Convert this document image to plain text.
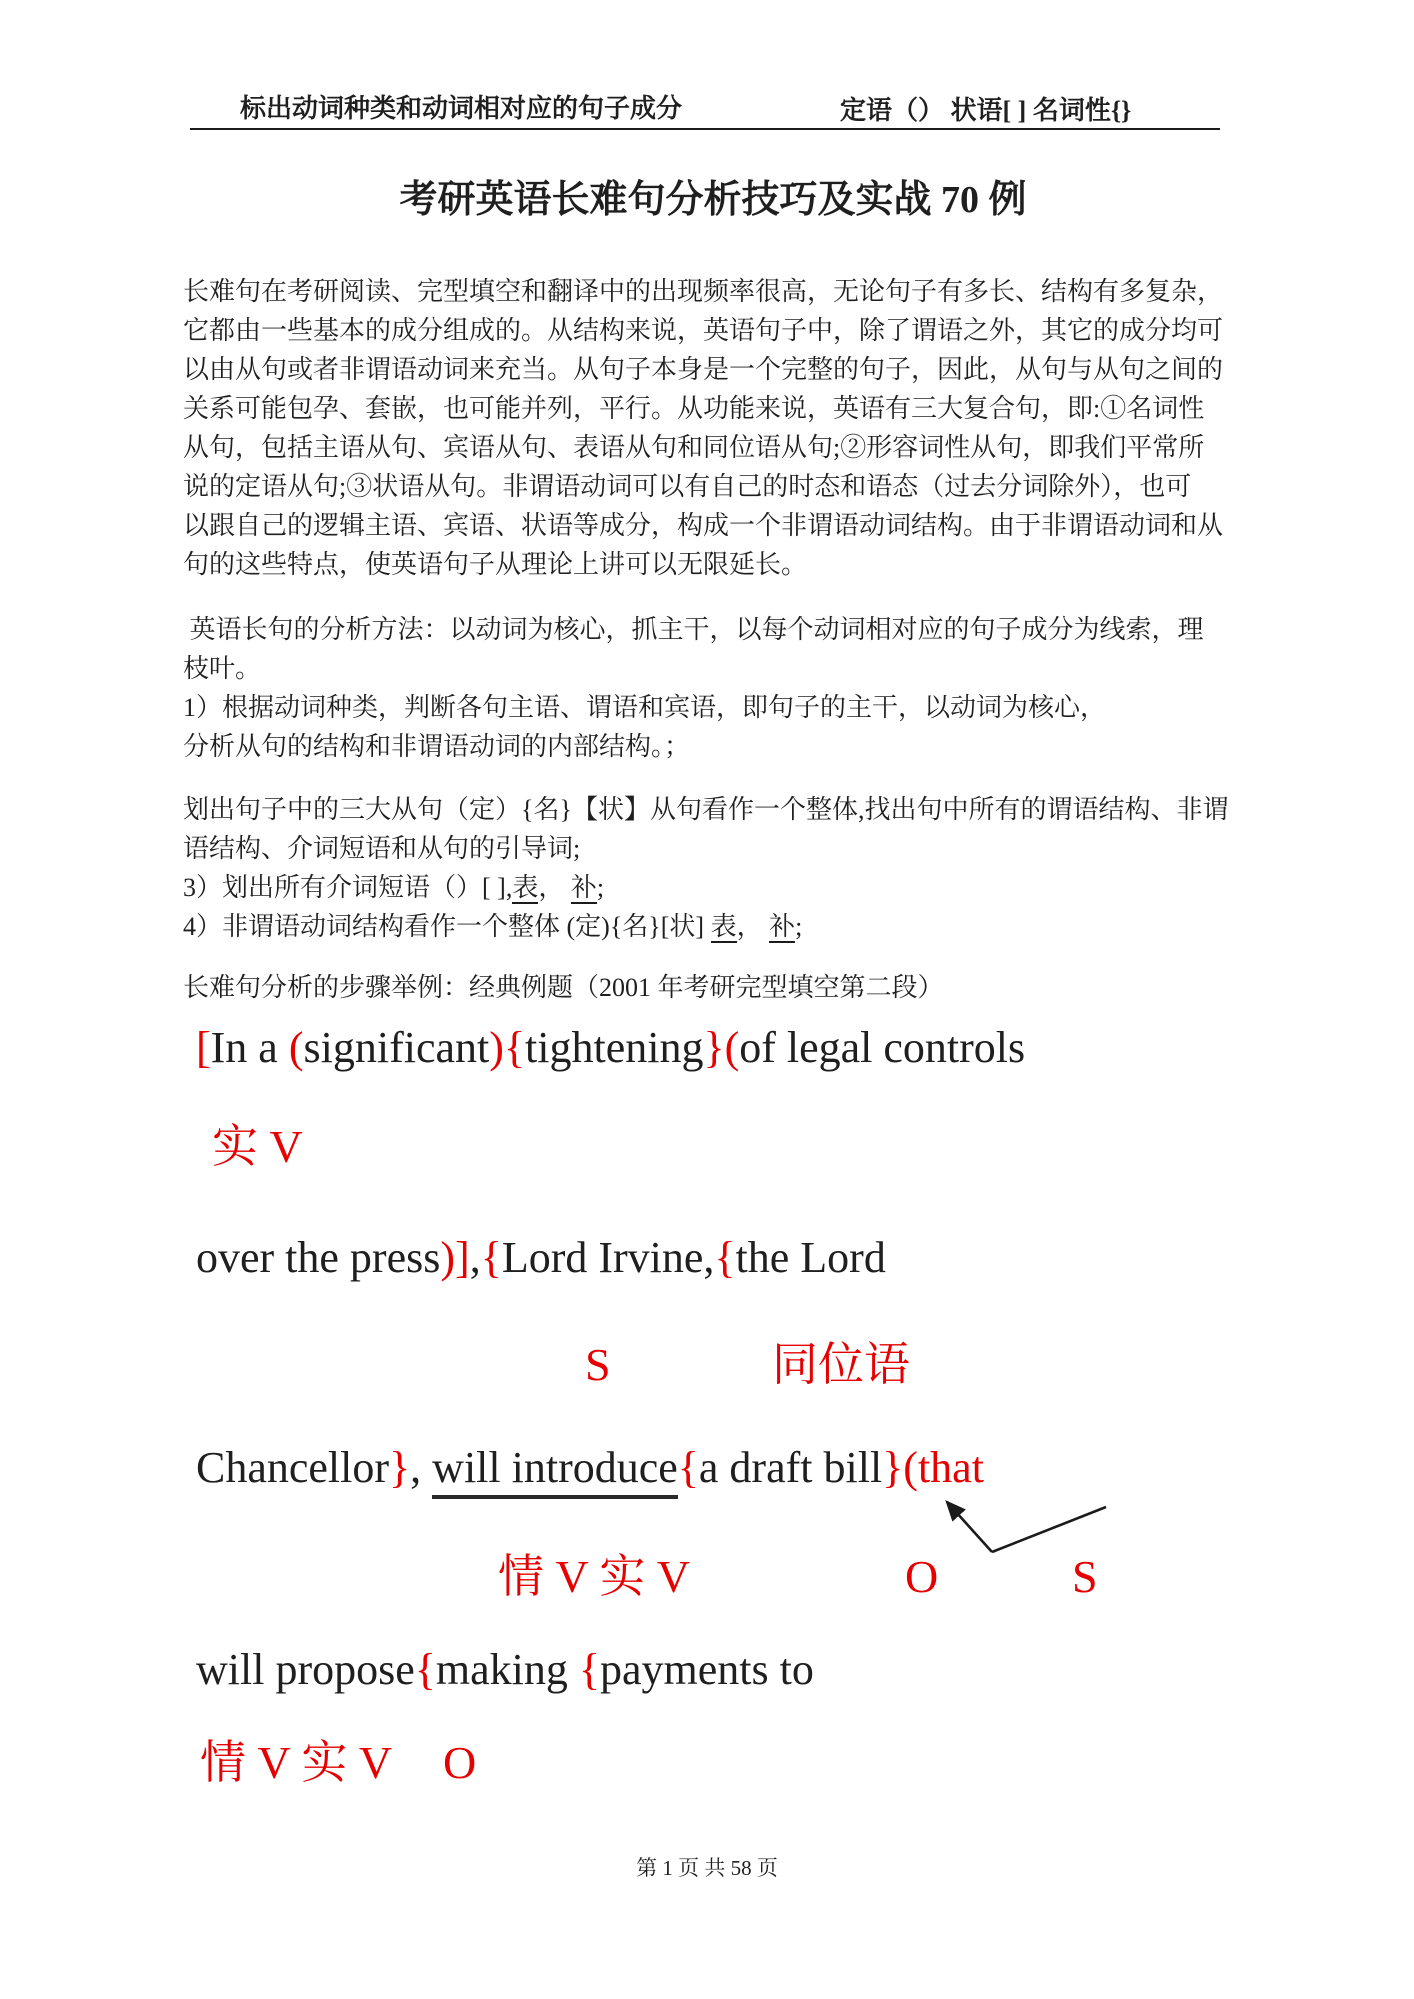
标出动词种类和动词相对应的句子成分	定语（） 状语[ ] 名词性{}
考研英语长难句分析技巧及实战 70 例
长难句在考研阅读、完型填空和翻译中的出现频率很高，无论句子有多长、结构有多复杂，
它都由一些基本的成分组成的。从结构来说，英语句子中，除了谓语之外，其它的成分均可
以由从句或者非谓语动词来充当。从句子本身是一个完整的句子，因此，从句与从句之间的
关系可能包孕、套嵌，也可能并列，平行。从功能来说，英语有三大复合句，即:①名词性
从句，包括主语从句、宾语从句、表语从句和同位语从句;②形容词性从句，即我们平常所
说的定语从句;③状语从句。非谓语动词可以有自己的时态和语态（过去分词除外），也可
以跟自己的逻辑主语、宾语、状语等成分，构成一个非谓语动词结构。由于非谓语动词和从
句的这些特点，使英语句子从理论上讲可以无限延长。
英语长句的分析方法：以动词为核心，抓主干，以每个动词相对应的句子成分为线索，理
枝叶。
1）根据动词种类，判断各句主语、谓语和宾语，即句子的主干，以动词为核心，
分析从句的结构和非谓语动词的内部结构。；
划出句子中的三大从句（定）{名}【状】从句看作一个整体,找出句中所有的谓语结构、非谓
语结构、介词短语和从句的引导词;
3）划出所有介词短语（）[ ],表， 补;
4）非谓语动词结构看作一个整体 (定){名}[状] 表， 补;
长难句分析的步骤举例：经典例题（2001 年考研完型填空第二段）
[In a (significant){tightening}(of legal controls
实 V
over the press)],{Lord Irvine,{the Lord
S	同位语
Chancellor}, will introduce{a draft bill}(that
情 V 实 V	O	S
will propose{making {payments to
情 V 实 V O
第 1 页 共 58 页
